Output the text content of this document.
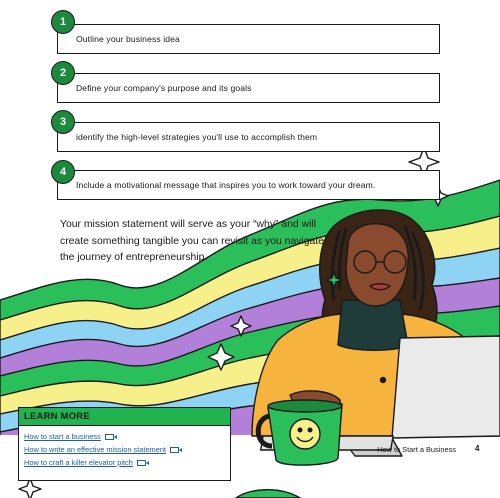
Outline your business idea
1
Define your company's purpose and its goals
2
identify the high-level strategies you'll use to accomplish them
3
Include a motivational message that inspires you to work toward your dream.
4

Your mission statement will serve as your “why” and will create something tangible you can revisit as you navigate the journey of entrepreneurship.

LEARN MORE
How to start a business
How to write an effective mission statement
How to craft a killer elevator pitch
How to Start a Business 4
